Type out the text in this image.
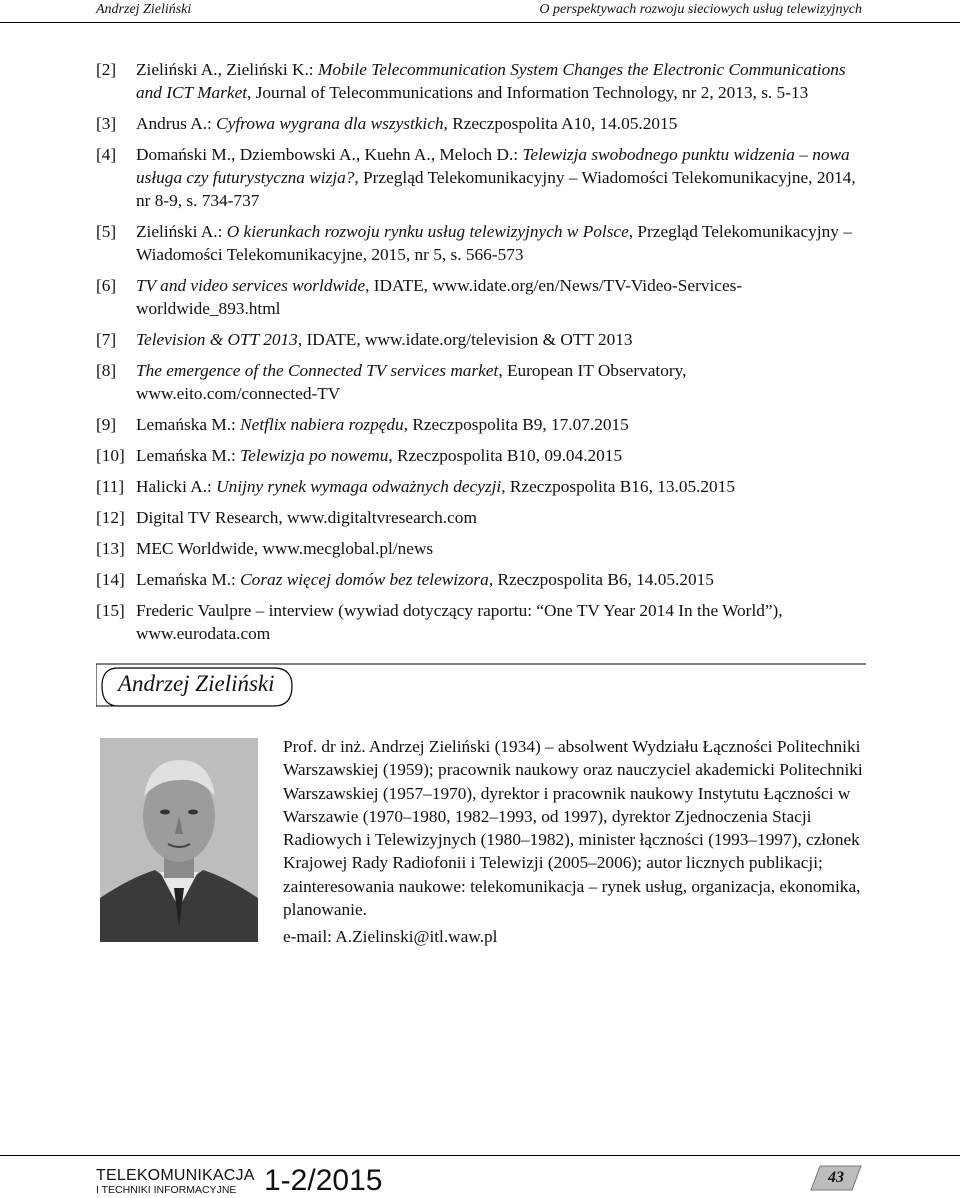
Andrzej Zieliński	O perspektywach rozwoju sieciowych usług telewizyjnych
[2] Zieliński A., Zieliński K.: Mobile Telecommunication System Changes the Electronic Communications and ICT Market, Journal of Telecommunications and Information Technology, nr 2, 2013, s. 5-13
[3] Andrus A.: Cyfrowa wygrana dla wszystkich, Rzeczpospolita A10, 14.05.2015
[4] Domański M., Dziembowski A., Kuehn A., Meloch D.: Telewizja swobodnego punktu widzenia – nowa usługa czy futurystyczna wizja?, Przegląd Telekomunikacyjny – Wiadomości Telekomunikacyjne, 2014, nr 8-9, s. 734-737
[5] Zieliński A.: O kierunkach rozwoju rynku usług telewizyjnych w Polsce, Przegląd Telekomunikacyjny – Wiadomości Telekomunikacyjne, 2015, nr 5, s. 566-573
[6] TV and video services worldwide, IDATE, www.idate.org/en/News/TV-Video-Services-worldwide_893.html
[7] Television & OTT 2013, IDATE, www.idate.org/television & OTT 2013
[8] The emergence of the Connected TV services market, European IT Observatory, www.eito.com/connected-TV
[9] Lemańska M.: Netflix nabiera rozpędu, Rzeczpospolita B9, 17.07.2015
[10] Lemańska M.: Telewizja po nowemu, Rzeczpospolita B10, 09.04.2015
[11] Halicki A.: Unijny rynek wymaga odważnych decyzji, Rzeczpospolita B16, 13.05.2015
[12] Digital TV Research, www.digitaltvresearch.com
[13] MEC Worldwide, www.mecglobal.pl/news
[14] Lemańska M.: Coraz więcej domów bez telewizora, Rzeczpospolita B6, 14.05.2015
[15] Frederic Vaulpre – interview (wywiad dotyczący raportu: “One TV Year 2014 In the World”), www.eurodata.com
Andrzej Zieliński
Prof. dr inż. Andrzej Zieliński (1934) – absolwent Wydziału Łączności Politechniki Warszawskiej (1959); pracownik naukowy oraz nauczyciel akademicki Politechniki Warszawskiej (1957–1970), dyrektor i pracownik naukowy Instytutu Łączności w Warszawie (1970–1980, 1982–1993, od 1997), dyrektor Zjednoczenia Stacji Radiowych i Telewizyjnych (1980–1982), minister łączności (1993–1997), członek Krajowej Rady Radiofonii i Telewizji (2005–2006); autor licznych publikacji; zainteresowania naukowe: telekomunikacja – rynek usług, organizacja, ekonomika, planowanie.
e-mail: A.Zielinski@itl.waw.pl
TELEKOMUNIKACJA
I TECHNIKI INFORMACYJNE 1-2/2015	43
